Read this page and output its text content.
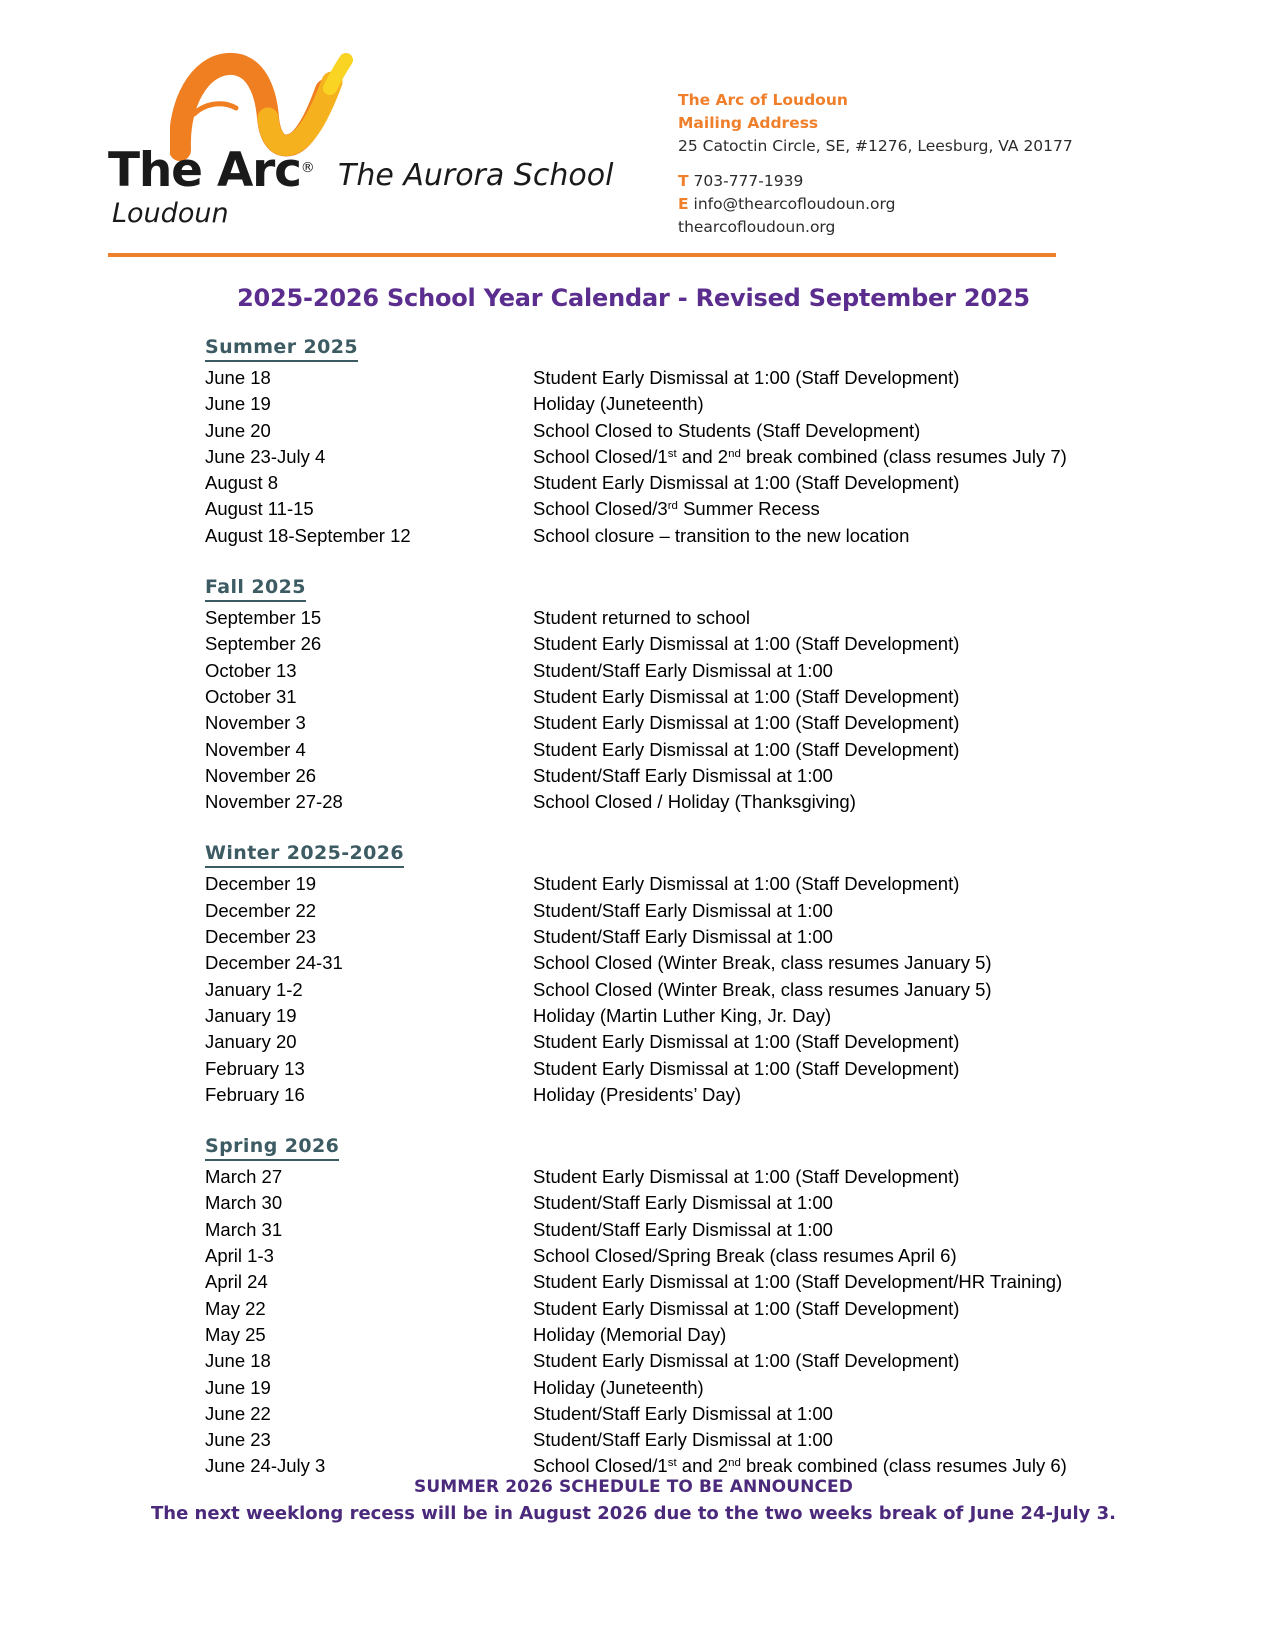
The Arc®
Loudoun
The Aurora School
The Arc of Loudoun
Mailing Address
25 Catoctin Circle, SE, #1276, Leesburg, VA 20177
T 703-777-1939
E info@thearcofloudoun.org
thearcofloudoun.org
2025-2026 School Year Calendar - Revised September 2025
Summer 2025
June 18	Student Early Dismissal at 1:00 (Staff Development)
June 19	Holiday (Juneteenth)
June 20	School Closed to Students (Staff Development)
June 23-July 4	School Closed/1st and 2nd break combined (class resumes July 7)
August 8	Student Early Dismissal at 1:00 (Staff Development)
August 11-15	School Closed/3rd Summer Recess
August 18-September 12	School closure – transition to the new location
Fall 2025
September 15	Student returned to school
September 26	Student Early Dismissal at 1:00 (Staff Development)
October 13	Student/Staff Early Dismissal at 1:00
October 31	Student Early Dismissal at 1:00 (Staff Development)
November 3	Student Early Dismissal at 1:00 (Staff Development)
November 4	Student Early Dismissal at 1:00 (Staff Development)
November 26	Student/Staff Early Dismissal at 1:00
November 27-28	School Closed / Holiday (Thanksgiving)
Winter 2025-2026
December 19	Student Early Dismissal at 1:00 (Staff Development)
December 22	Student/Staff Early Dismissal at 1:00
December 23	Student/Staff Early Dismissal at 1:00
December 24-31	School Closed (Winter Break, class resumes January 5)
January 1-2	School Closed (Winter Break, class resumes January 5)
January 19	Holiday (Martin Luther King, Jr. Day)
January 20	Student Early Dismissal at 1:00 (Staff Development)
February 13	Student Early Dismissal at 1:00 (Staff Development)
February 16	Holiday (Presidents’ Day)
Spring 2026
March 27	Student Early Dismissal at 1:00 (Staff Development)
March 30	Student/Staff Early Dismissal at 1:00
March 31	Student/Staff Early Dismissal at 1:00
April 1-3	School Closed/Spring Break (class resumes April 6)
April 24	Student Early Dismissal at 1:00 (Staff Development/HR Training)
May 22	Student Early Dismissal at 1:00 (Staff Development)
May 25	Holiday (Memorial Day)
June 18	Student Early Dismissal at 1:00 (Staff Development)
June 19	Holiday (Juneteenth)
June 22	Student/Staff Early Dismissal at 1:00
June 23	Student/Staff Early Dismissal at 1:00
June 24-July 3	School Closed/1st and 2nd break combined (class resumes July 6)
SUMMER 2026 SCHEDULE TO BE ANNOUNCED
The next weeklong recess will be in August 2026 due to the two weeks break of June 24-July 3.
